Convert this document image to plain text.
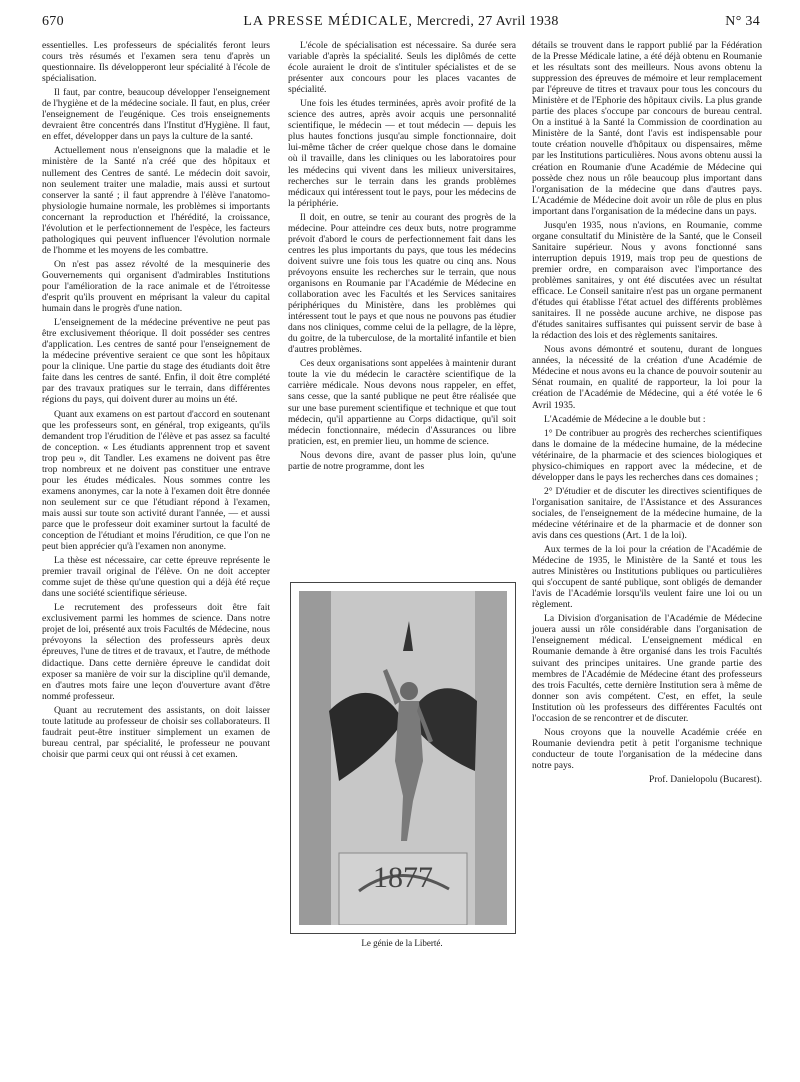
670	LA PRESSE MÉDICALE, Mercredi, 27 Avril 1938	N° 34

essentielles. Les professeurs de spécialités feront leurs cours très résumés et l'examen sera tenu d'après un questionnaire. Ils développeront leur spécialité à l'école de spécialisation.

Il faut, par contre, beaucoup développer l'enseignement de l'hygiène et de la médecine sociale. Il faut, en plus, créer l'enseignement de l'eugénique. Ces trois enseignements devraient être concentrés dans l'Institut d'Hygiène. Il faut, en effet, développer dans un pays la culture de la santé.

Actuellement nous n'enseignons que la maladie et le ministère de la Santé n'a créé que des hôpitaux et nullement des Centres de santé. Le médecin doit savoir, non seulement traiter une maladie, mais aussi et surtout conserver la santé ; il faut apprendre à l'élève l'anatomo-physiologie humaine normale, les problèmes si importants concernant la reproduction et l'hérédité, la croissance, l'évolution et le perfectionnement de l'espèce, les facteurs pathologiques qui peuvent influencer l'évolution normale de l'homme et les moyens de les combattre.

On n'est pas assez révolté de la mesquinerie des Gouvernements qui organisent d'admirables Institutions pour l'amélioration de la race animale et de l'étroitesse d'esprit qu'ils prouvent en méprisant la valeur du capital humain dans le progrès d'une nation.

L'enseignement de la médecine préventive ne peut pas être exclusivement théorique. Il doit posséder ses centres d'application. Les centres de santé pour l'enseignement de la médecine préventive seraient ce que sont les hôpitaux pour la clinique. Une partie du stage des étudiants doit être faite dans les centres de santé. Enfin, il doit être complété par des travaux pratiques sur le terrain, dans différentes régions du pays, qui doivent durer au moins un été.

Quant aux examens on est partout d'accord en soutenant que les professeurs sont, en général, trop exigeants, qu'ils demandent trop l'érudition de l'élève et pas assez sa faculté de conception. « Les étudiants apprennent trop et savent trop peu », dit Tandler. Les examens ne doivent pas être trop nombreux et ne doivent pas constituer une entrave pour les études médicales. Nous sommes contre les examens anonymes, car la note à l'examen doit être donnée non seulement sur ce que l'étudiant répond à l'examen, mais aussi sur toute son activité durant l'année, — et aussi parce que le professeur doit examiner surtout la faculté de conception de l'étudiant et moins l'érudition, ce que l'on ne peut bien apprécier qu'à l'examen non anonyme.

La thèse est nécessaire, car cette épreuve représente le premier travail original de l'élève. On ne doit accepter comme sujet de thèse qu'une question qui a déjà été reçue dans une société scientifique sérieuse.

Le recrutement des professeurs doit être fait exclusivement parmi les hommes de science. Dans notre projet de loi, présenté aux trois Facultés de Médecine, nous prévoyons la sélection des professeurs après deux épreuves, l'une de titres et de travaux, et l'autre, de méthode didactique. Dans cette dernière épreuve le candidat doit exposer sa manière de voir sur la discipline qu'il demande, en d'autres mots faire une leçon d'ouverture avant d'être nommé professeur.

Quant au recrutement des assistants, on doit laisser toute latitude au professeur de choisir ses collaborateurs. Il faudrait peut-être instituer simplement un examen de bureau central, par spécialité, le professeur ne pouvant choisir que parmi ceux qui ont réussi à cet examen.

L'école de spécialisation est nécessaire. Sa durée sera variable d'après la spécialité. Seuls les diplômés de cette école auraient le droit de s'intituler spécialistes et de se présenter aux concours pour les places vacantes de spécialité.

Une fois les études terminées, après avoir profité de la science des autres, après avoir acquis une personnalité scientifique, le médecin — et tout médecin — depuis les plus hautes fonctions jusqu'au simple fonctionnaire, doit lui-même tâcher de créer quelque chose dans le domaine où il travaille, dans les cliniques ou les laboratoires pour les médecins qui vivent dans les milieux universitaires, recherches sur le terrain dans les grands problèmes médicaux qui intéressent tout le pays, pour les médecins de la périphérie.

Il doit, en outre, se tenir au courant des progrès de la médecine. Pour atteindre ces deux buts, notre programme prévoit d'abord le cours de perfectionnement fait dans les centres les plus importants du pays, que tous les médecins doivent suivre une fois tous les quatre ou cinq ans. Nous prévoyons ensuite les recherches sur le terrain, que nous organisons en Roumanie par l'Académie de Médecine en collaboration avec les Facultés et les Services sanitaires périphériques du Ministère, dans les problèmes qui intéressent tout le pays et que nous ne pouvons pas étudier dans nos cliniques, comme celui de la pellagre, de la lèpre, du goitre, de la tuberculose, de la mortalité infantile et bien d'autres problèmes.

Ces deux organisations sont appelées à maintenir durant toute la vie du médecin le caractère scientifique de la carrière médicale. Nous devons nous rappeler, en effet, sans cesse, que la santé publique ne peut être réalisée que sur une base purement scientifique et technique et que tout médecin, qu'il appartienne au Corps didactique, qu'il soit médecin fonctionnaire, médecin d'Assurances ou libre praticien, est, en premier lieu, un homme de science.

Nous devons dire, avant de passer plus loin, qu'une partie de notre programme, dont les

1877
Le génie de la Liberté.

détails se trouvent dans le rapport publié par la Fédération de la Presse Médicale latine, a été déjà obtenu en Roumanie et les résultats sont des meilleurs. Nous avons obtenu la suppression des épreuves de mémoire et leur remplacement par l'épreuve de titres et travaux pour tous les concours du Ministère et de l'Ephorie des hôpitaux civils. La plus grande partie des places s'occupe par concours de bureau central. On a institué à la Santé la Commission de coordination au Ministère de la Santé, dont l'avis est indispensable pour toute création nouvelle d'hôpitaux ou dispensaires, même par les Institutions particulières. Nous avons obtenu aussi la création en Roumanie d'une Académie de Médecine qui possède chez nous un rôle beaucoup plus important dans l'organisation de la médecine que dans d'autres pays. L'Académie de Médecine doit avoir un rôle de plus en plus important dans l'organisation de la médecine dans un pays.

Jusqu'en 1935, nous n'avions, en Roumanie, comme organe consultatif du Ministère de la Santé, que le Conseil Sanitaire supérieur. Nous y avons fonctionné sans interruption depuis 1919, mais trop peu de questions de premier ordre, en comparaison avec l'importance des problèmes sanitaires, y ont été discutées avec un résultat efficace. Le Conseil sanitaire n'est pas un organe permanent d'études qui établisse l'état actuel des différents problèmes sanitaires. Il ne possède aucune archive, ne dispose pas d'études sanitaires suffisantes qui puissent servir de base à la rédaction des lois et des règlements sanitaires.

Nous avons démontré et soutenu, durant de longues années, la nécessité de la création d'une Académie de Médecine et nous avons eu la chance de pouvoir soutenir au Sénat roumain, en qualité de rapporteur, la loi pour la création de l'Académie de Médecine, qui a été votée le 6 Avril 1935.

L'Académie de Médecine a le double but :

1° De contribuer au progrès des recherches scientifiques dans le domaine de la médecine humaine, de la médecine vétérinaire, de la pharmacie et des sciences biologiques et physico-chimiques en rapport avec la médecine, et de développer dans le pays les recherches dans ces domaines ;

2° D'étudier et de discuter les directives scientifiques de l'organisation sanitaire, de l'Assistance et des Assurances sociales, de l'enseignement de la médecine humaine, de la médecine vétérinaire et de la pharmacie et de donner son avis dans ces questions (Art. 1 de la loi).

Aux termes de la loi pour la création de l'Académie de Médecine de 1935, le Ministère de la Santé et tous les autres Ministères ou Institutions publiques ou particulières qui s'occupent de santé publique, sont obligés de demander l'avis de l'Académie lorsqu'ils veulent faire une loi ou un règlement.

La Division d'organisation de l'Académie de Médecine jouera aussi un rôle considérable dans l'organisation de l'enseignement médical. L'enseignement médical en Roumanie demande à être organisé dans les trois Facultés suivant des principes unitaires. Une grande partie des membres de l'Académie de Médecine étant des professeurs des trois Facultés, cette dernière Institution sera à même de donner son avis compétent. C'est, en effet, la seule Institution où les professeurs des différentes Facultés ont l'occasion de se rencontrer et de discuter.

Nous croyons que la nouvelle Académie créée en Roumanie deviendra petit à petit l'organisme technique conducteur de toute l'organisation de la médecine dans notre pays.

Prof. Danielopolu (Bucarest).
